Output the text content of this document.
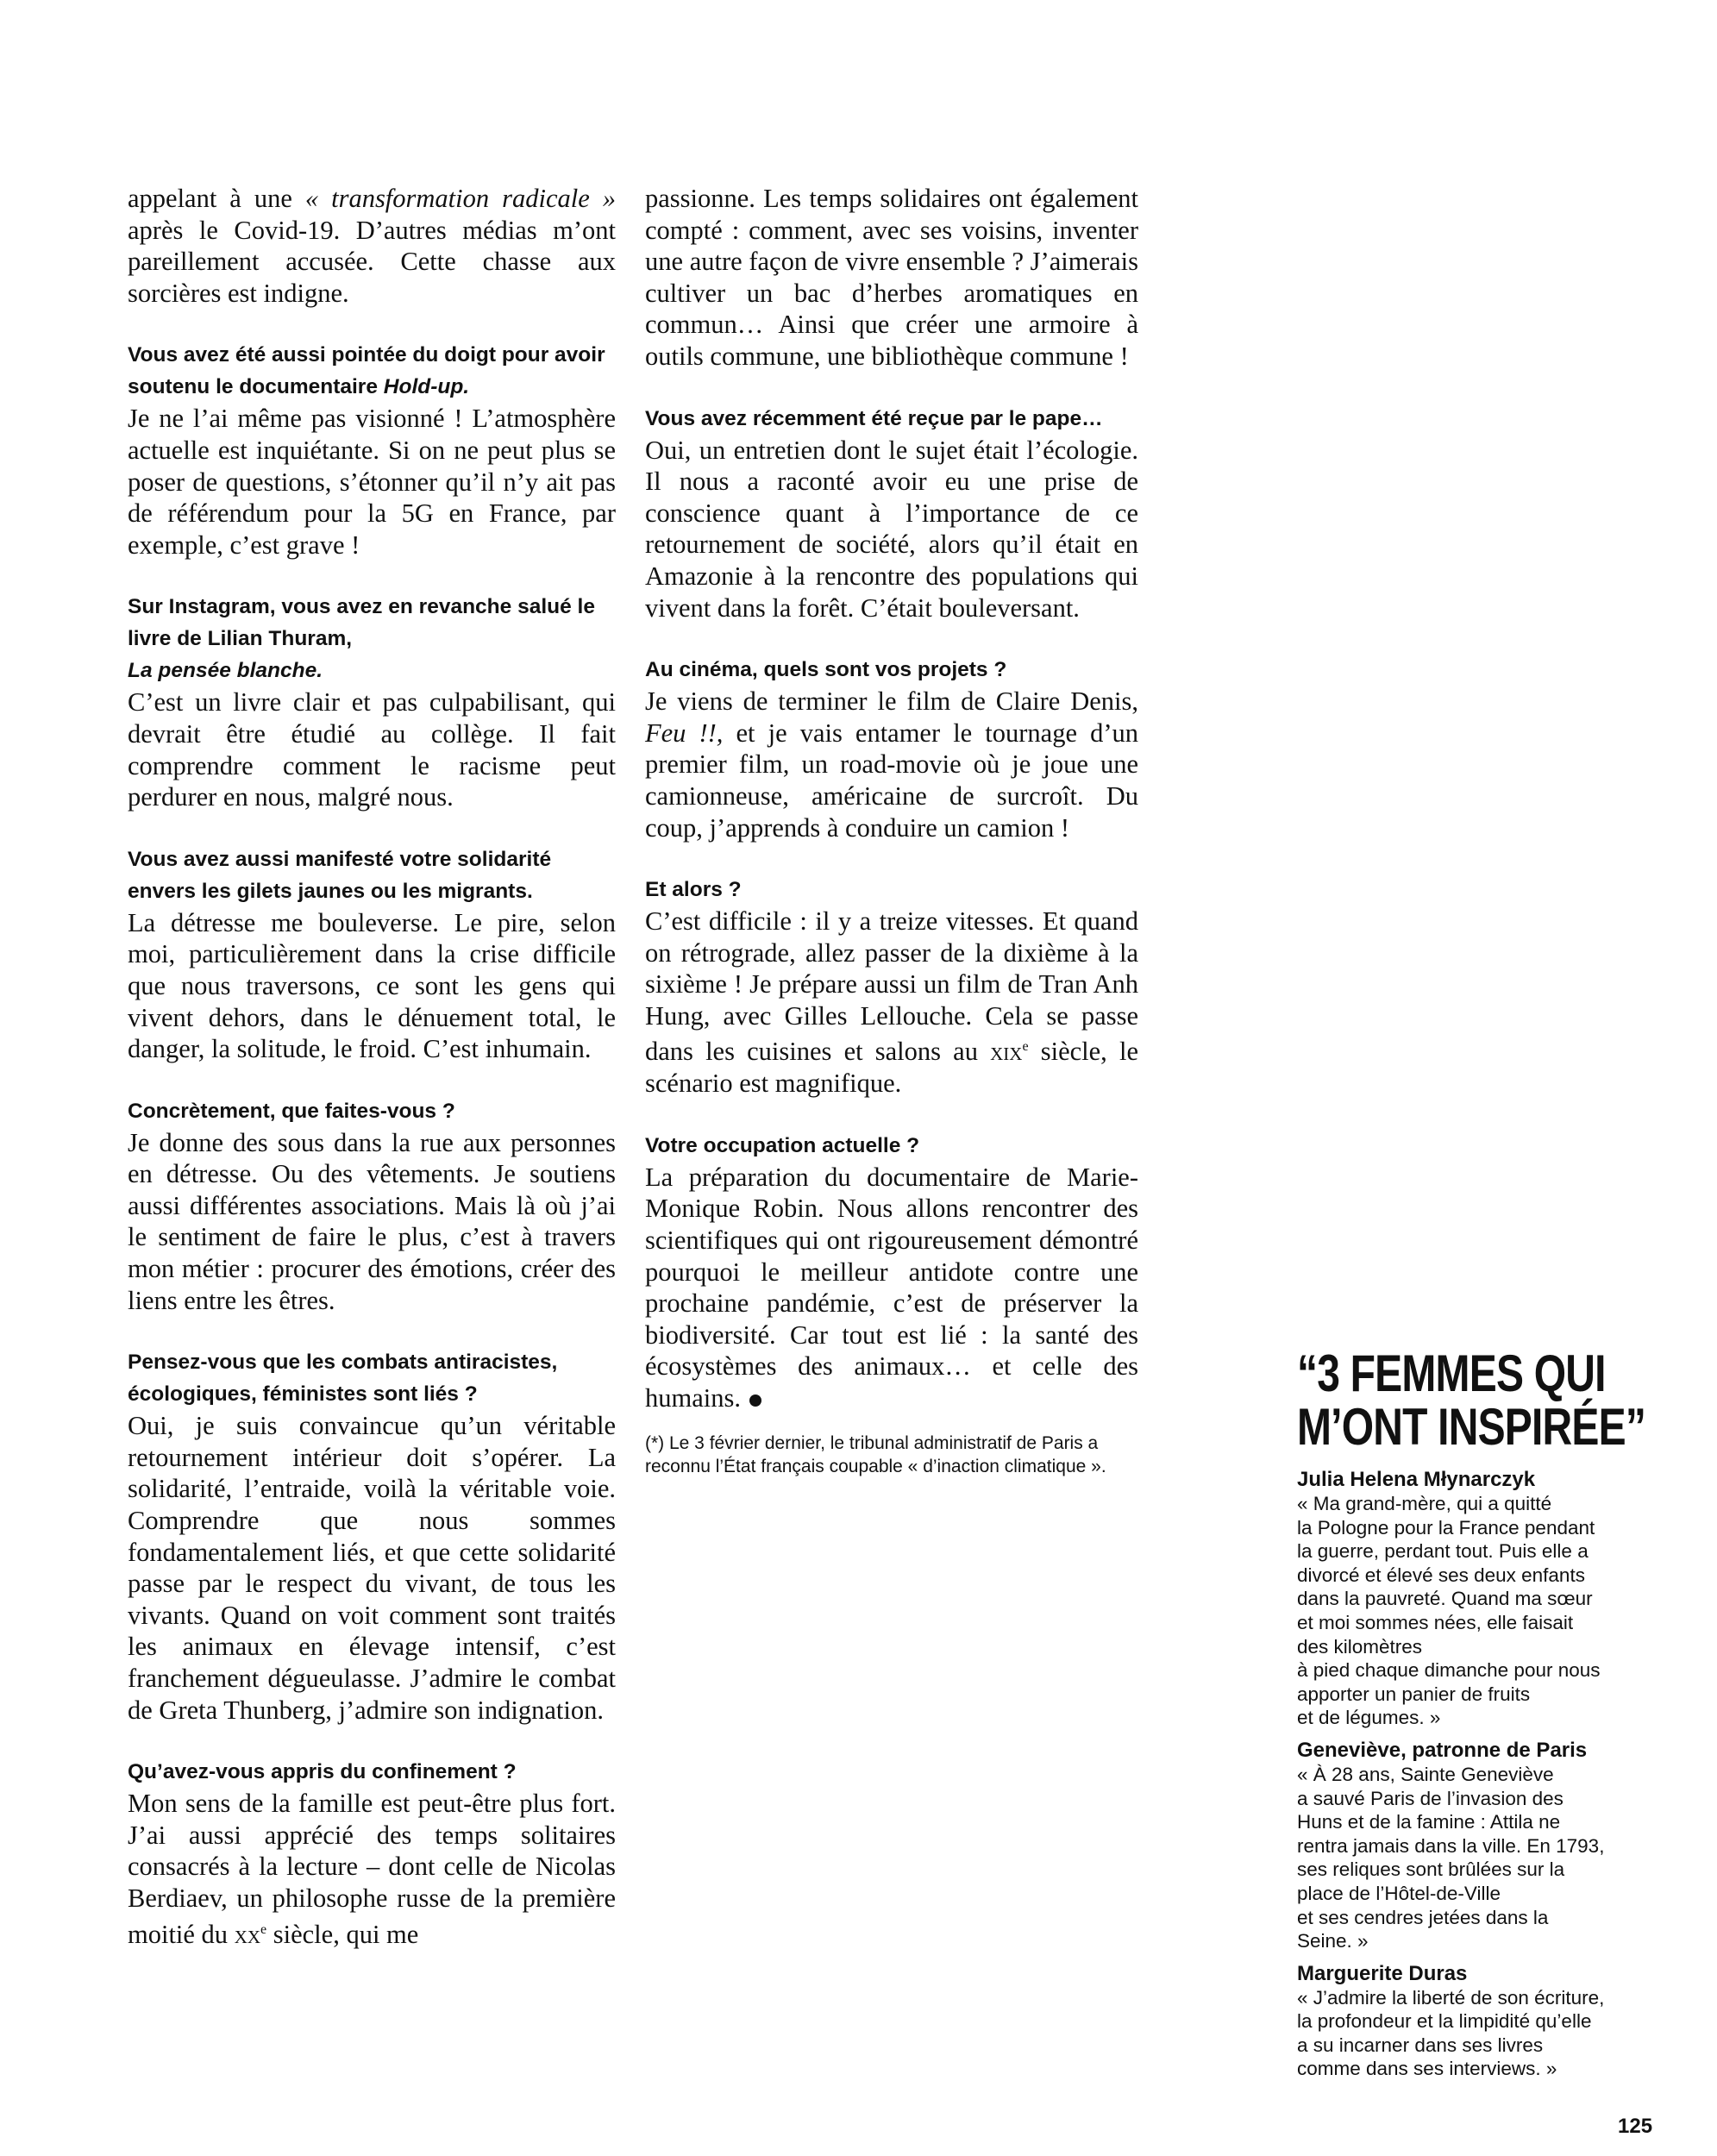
appelant à une « transformation radicale » après le Covid-19. D’autres médias m’ont pareillement accusée. Cette chasse aux sorcières est indigne.

Vous avez été aussi pointée du doigt pour avoir soutenu le documentaire Hold-up.

Je ne l’ai même pas visionné ! L’atmosphère actuelle est inquiétante. Si on ne peut plus se poser de questions, s’étonner qu’il n’y ait pas de référendum pour la 5G en France, par exemple, c’est grave !

Sur Instagram, vous avez en revanche salué le livre de Lilian Thuram,
La pensée blanche.

C’est un livre clair et pas culpabilisant, qui devrait être étudié au collège. Il fait comprendre comment le racisme peut perdurer en nous, malgré nous.

Vous avez aussi manifesté votre solidarité envers les gilets jaunes ou les migrants.

La détresse me bouleverse. Le pire, selon moi, particulièrement dans la crise difficile que nous traversons, ce sont les gens qui vivent dehors, dans le dénuement total, le danger, la solitude, le froid. C’est inhumain.

Concrètement, que faites-vous ?

Je donne des sous dans la rue aux personnes en détresse. Ou des vêtements. Je soutiens aussi différentes associations. Mais là où j’ai le sentiment de faire le plus, c’est à travers mon métier : procurer des émotions, créer des liens entre les êtres.

Pensez-vous que les combats antiracistes, écologiques, féministes sont liés ?

Oui, je suis convaincue qu’un véritable retournement intérieur doit s’opérer. La solidarité, l’entraide, voilà la véritable voie. Comprendre que nous sommes fondamentalement liés, et que cette solidarité passe par le respect du vivant, de tous les vivants. Quand on voit comment sont traités les animaux en élevage intensif, c’est franchement dégueulasse. J’admire le combat de Greta Thunberg, j’admire son indignation.

Qu’avez-vous appris du confinement ?

Mon sens de la famille est peut-être plus fort. J’ai aussi apprécié des temps solitaires consacrés à la lecture – dont celle de Nicolas Berdiaev, un philosophe russe de la première moitié du $xx^e$ siècle, qui me

passionne. Les temps solidaires ont également compté : comment, avec ses voisins, inventer une autre façon de vivre ensemble ? J’aimerais cultiver un bac d’herbes aromatiques en commun… Ainsi que créer une armoire à outils commune, une bibliothèque commune !

Vous avez récemment été reçue par le pape…

Oui, un entretien dont le sujet était l’écologie. Il nous a raconté avoir eu une prise de conscience quant à l’importance de ce retournement de société, alors qu’il était en Amazonie à la rencontre des populations qui vivent dans la forêt. C’était bouleversant.

Au cinéma, quels sont vos projets ?

Je viens de terminer le film de Claire Denis, Feu !!, et je vais entamer le tournage d’un premier film, un road-movie où je joue une camionneuse, américaine de surcroît. Du coup, j’apprends à conduire un camion !

Et alors ?

C’est difficile : il y a treize vitesses. Et quand on rétrograde, allez passer de la dixième à la sixième ! Je prépare aussi un film de Tran Anh Hung, avec Gilles Lellouche. Cela se passe dans les cuisines et salons au xix$^e$ siècle, le scénario est magnifique.

Votre occupation actuelle ?

La préparation du documentaire de Marie-Monique Robin. Nous allons rencontrer des scientifiques qui ont rigoureusement démontré pourquoi le meilleur antidote contre une prochaine pandémie, c’est de préserver la biodiversité. Car tout est lié : la santé des écosystèmes des animaux… et celle des humains.

(*) Le 3 février dernier, le tribunal administratif de Paris a reconnu l’État français coupable « d’inaction climatique ».

“3 FEMMES QUI
M’ONT INSPIRÉE”

Julia Helena Młynarczyk

« Ma grand-mère, qui a quitté
la Pologne pour la France pendant
la guerre, perdant tout. Puis elle a
divorcé et élevé ses deux enfants
dans la pauvreté. Quand ma sœur
et moi sommes nées, elle faisait
des kilomètres
à pied chaque dimanche pour nous
apporter un panier de fruits
et de légumes. »

Geneviève, patronne de Paris

« À 28 ans, Sainte Geneviève
a sauvé Paris de l’invasion des
Huns et de la famine : Attila ne
rentra jamais dans la ville. En 1793,
ses reliques sont brûlées sur la
place de l’Hôtel-de-Ville
et ses cendres jetées dans la
Seine. »

Marguerite Duras

« J’admire la liberté de son écriture,
la profondeur et la limpidité qu’elle
a su incarner dans ses livres
comme dans ses interviews. »

125
